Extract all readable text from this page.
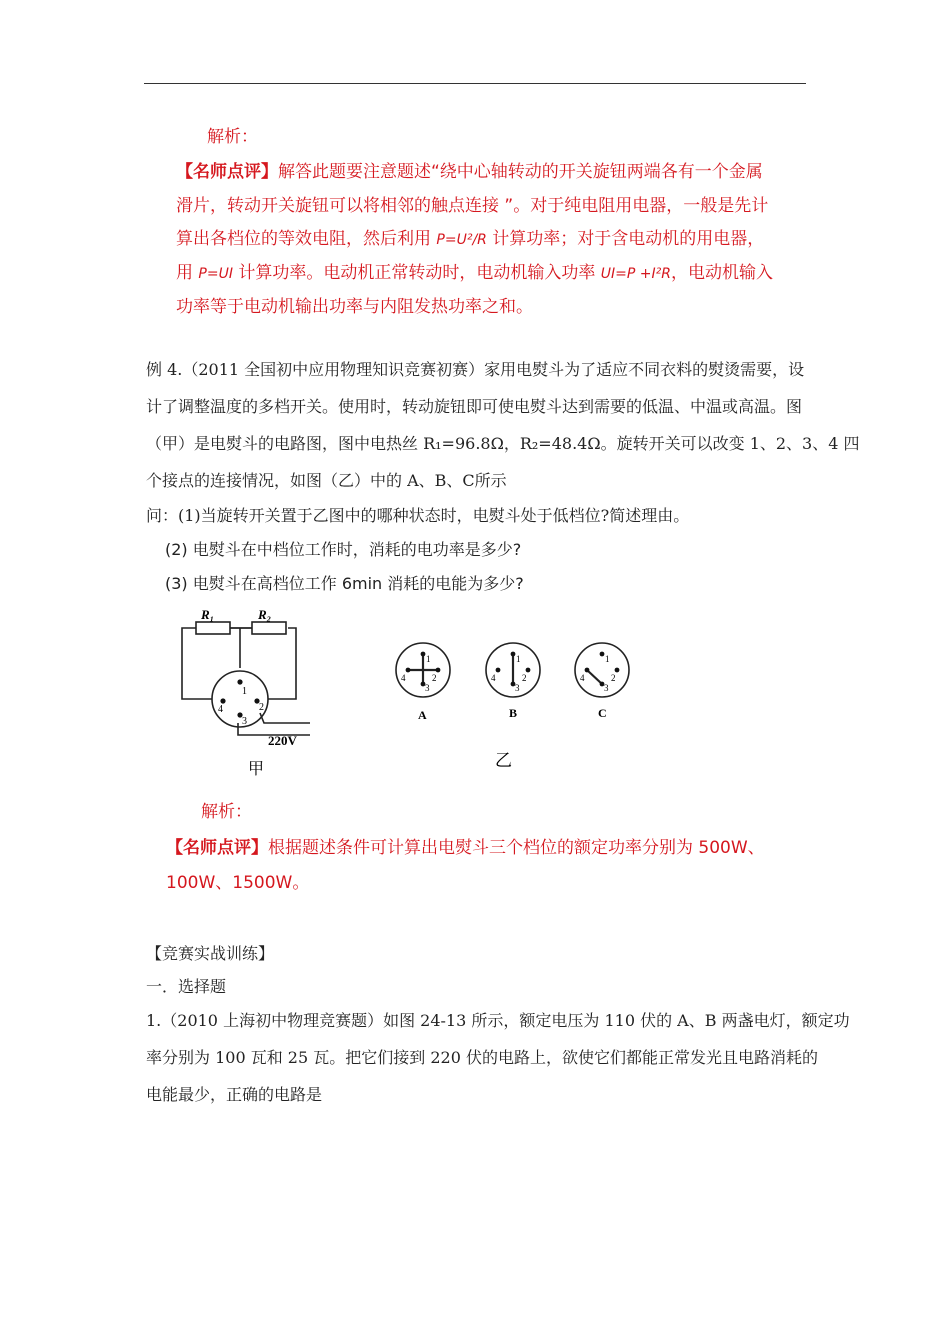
解析：
【名师点评】解答此题要注意题述“绕中心轴转动的开关旋钮两端各有一个金属
滑片，转动开关旋钮可以将相邻的触点连接 ”。对于纯电阻用电器，一般是先计
算出各档位的等效电阻，然后利用 P=U²/R 计算功率；对于含电动机的用电器，
用 P=UI 计算功率。电动机正常转动时，电动机输入功率 UI=P +I²R，电动机输入
功率等于电动机输出功率与内阻发热功率之和。
例 4.（2011 全国初中应用物理知识竞赛初赛）家用电熨斗为了适应不同衣料的熨烫需要，设
计了调整温度的多档开关。使用时，转动旋钮即可使电熨斗达到需要的低温、中温或高温。图
（甲）是电熨斗的电路图，图中电热丝 R₁=96.8Ω，R₂=48.4Ω。旋转开关可以改变 1、2、3、4 四
个接点的连接情况，如图（乙）中的 A、B、C所示
问：(1)当旋转开关置于乙图中的哪种状态时，电熨斗处于低档位?简述理由。
(2) 电熨斗在中档位工作时，消耗的电功率是多少?
(3) 电熨斗在高档位工作 6min 消耗的电能为多少?
R₁	R₂
1
2
3
4
220V
甲
1
2
3
4
1
2
3
4
1
2
3
4
A	B	C
乙
解析：
【名师点评】根据题述条件可计算出电熨斗三个档位的额定功率分别为 500W、
100W、1500W。
【竞赛实战训练】
一．选择题
1.（2010 上海初中物理竞赛题）如图 24-13 所示，额定电压为 110 伏的 A、B 两盏电灯，额定功
率分别为 100 瓦和 25 瓦。把它们接到 220 伏的电路上，欲使它们都能正常发光且电路消耗的
电能最少，正确的电路是
